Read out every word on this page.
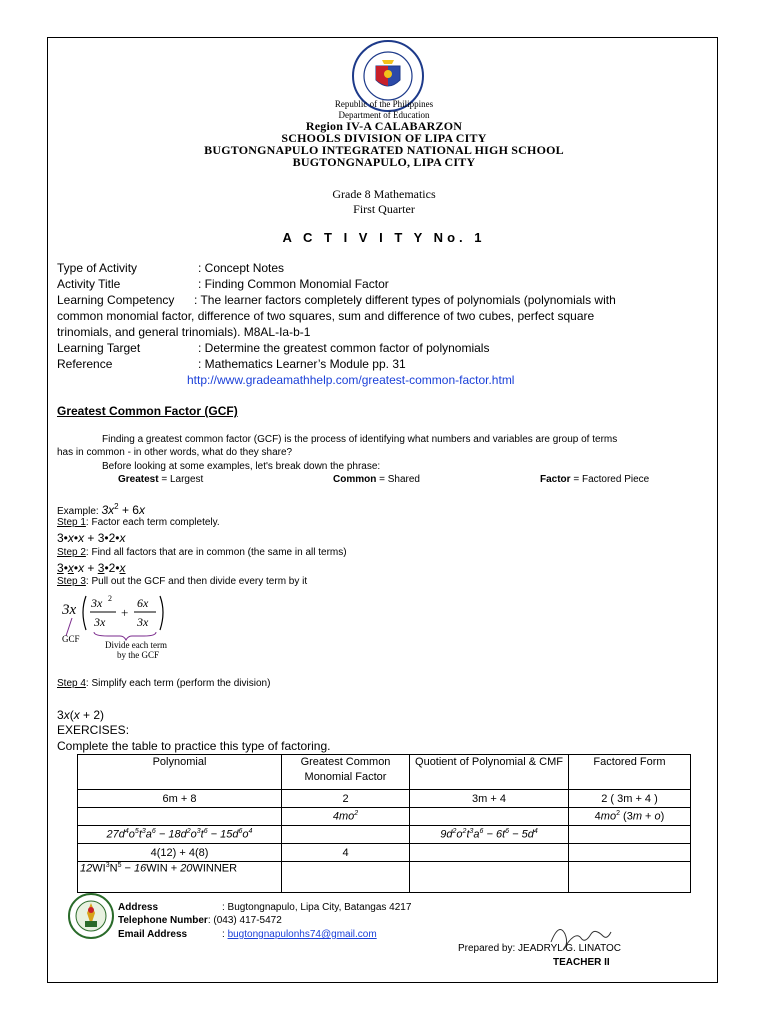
Republic of the Philippines
Department of Education
Region IV-A CALABARZON
SCHOOLS DIVISION OF LIPA CITY
BUGTONGNAPULO INTEGRATED NATIONAL HIGH SCHOOL
BUGTONGNAPULO, LIPA CITY
Grade 8 Mathematics
First Quarter
A C T I V I T Y No. 1
Type of Activity	: Concept Notes
Activity Title	: Finding Common Monomial Factor
Learning Competency : The learner factors completely different types of polynomials (polynomials with
common monomial factor, difference of two squares, sum and difference of two cubes, perfect square
trinomials, and general trinomials). M8AL-Ia-b-1
Learning Target	: Determine the greatest common factor of polynomials
Reference	: Mathematics Learner’s Module pp. 31
http://www.gradeamathhelp.com/greatest-common-factor.html
Greatest Common Factor (GCF)
Finding a greatest common factor (GCF) is the process of identifying what numbers and variables are group of terms
has in common - in other words, what do they share?
Before looking at some examples, let's break down the phrase:
Greatest = Largest	Common = Shared	Factor = Factored Piece
Example: $3x^2 + 6x$
Step 1: Factor each term completely.
3•x•x + 3•2•x
Step 2: Find all factors that are in common (the same in all terms)
3•x•x + 3•2•x
Step 3: Pull out the GCF and then divide every term by it
3x 3x 2
3x
+
6x
3x
GCF
Divide each term
by the GCF
Step 4: Simplify each term (perform the division)
3x(x + 2)
EXERCISES:
Complete the table to practice this type of factoring.
Polynomial	Greatest Common Monomial Factor	Quotient of Polynomial & CMF	Factored Form
6m + 8	2	3m + 4	2 ( 3m + 4 )
	$4mo^2$		$4mo^2$ (3m + o)
$27d^4o^5t^3a^6 - 18d^2o^3t^6 - 15d^6o^4$		$9d^2o^2t^3a^6 - 6t^6 - 5d^4$	
4(12) + 4(8)	4		
$12WI^3N^5 - 16WIN$ + 20WINNER			
Address	: Bugtongnapulo, Lipa City, Batangas 4217
Telephone Number: (043) 417-5472
Email Address	: bugtongnapulonhs74@gmail.com
Prepared by: JEADRYL G. LINATOC
TEACHER II
